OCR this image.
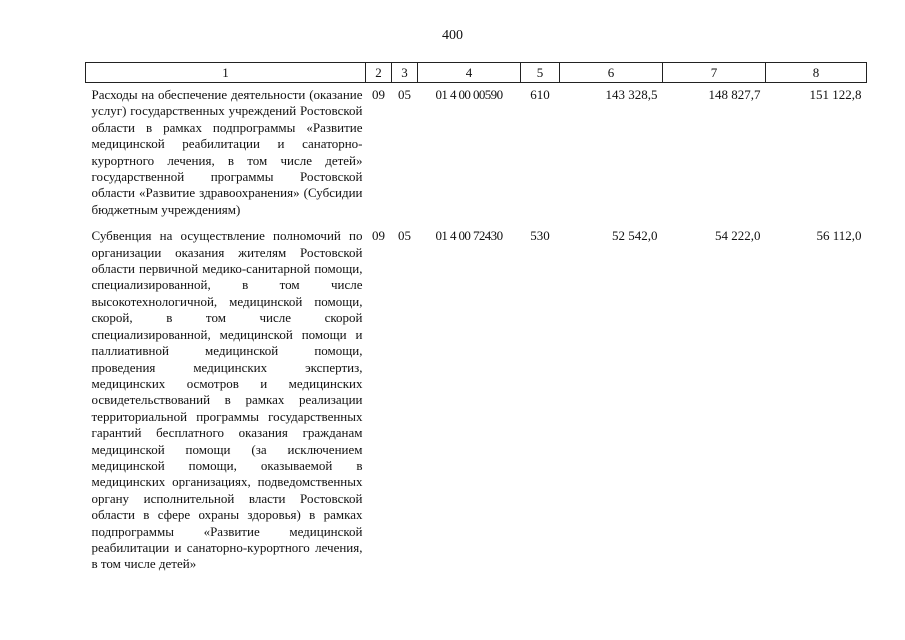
400
1	2	3	4	5	6	7	8
Расходы на обеспечение деятельности (оказание услуг) государственных учреждений Ростовской области в рамках подпрограммы «Развитие медицинской реабилитации и санаторно-курортного лечения, в том числе детей» государственной программы Ростовской области «Развитие здравоохранения» (Субсидии бюджетным учреждениям)	09	05	01 4 00 00590	610	143 328,5	148 827,7	151 122,8
Субвенция на осуществление полномочий по организации оказания жителям Ростовской области первичной медико-санитарной помощи, специализированной, в том числе высокотехнологичной, медицинской помощи, скорой, в том числе скорой специализированной, медицинской помощи и паллиативной медицинской помощи, проведения медицинских экспертиз, медицинских осмотров и медицинских освидетельствований в рамках реализации территориальной программы государственных гарантий бесплатного оказания гражданам медицинской помощи (за исключением медицинской помощи, оказываемой в медицинских организациях, подведомственных органу исполнительной власти Ростовской области в сфере охраны здоровья) в рамках подпрограммы «Развитие медицинской реабилитации и санаторно-курортного лечения, в том числе детей»	09	05	01 4 00 72430	530	52 542,0	54 222,0	56 112,0
